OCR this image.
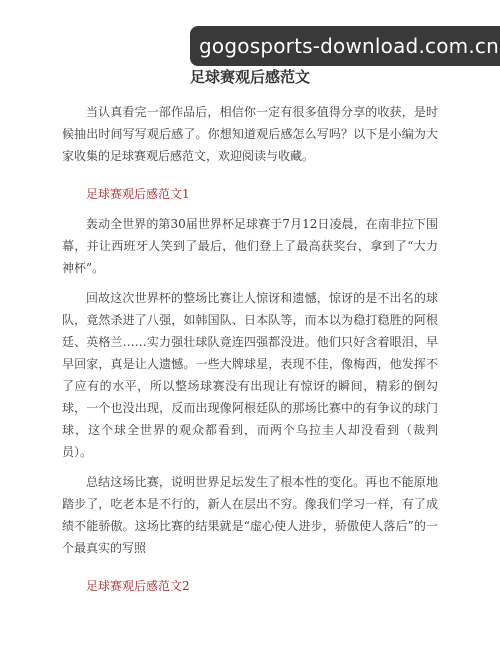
gogosports-download.com.cn
足球赛观后感范文

当认真看完一部作品后，相信你一定有很多值得分享的收获，是时候抽出时间写写观后感了。你想知道观后感怎么写吗？以下是小编为大家收集的足球赛观后感范文，欢迎阅读与收藏。

足球赛观后感范文1

轰动全世界的第30届世界杯足球赛于7月12日凌晨，在南非拉下围幕，并让西班牙人笑到了最后，他们登上了最高获奖台，拿到了“大力神杯”。

回故这次世界杯的整场比赛让人惊讶和遗憾，惊讶的是不出名的球队，竟然杀进了八强，如韩国队、日本队等，而本以为稳打稳胜的阿根廷、英格兰……实力强壮球队竟连四强都没进。他们只好含着眼泪，早早回家，真是让人遗憾。一些大牌球星，表现不佳，像梅西，他发挥不了应有的水平，所以整场球赛没有出现让有惊讶的瞬间，精彩的倒勾球，一个也没出现，反而出现像阿根廷队的那场比赛中的有争议的球门球，这个球全世界的观众都看到，而两个乌拉圭人却没看到（裁判员）。

总结这场比赛，说明世界足坛发生了根本性的变化。再也不能原地踏步了，吃老本是不行的，新人在层出不穷。像我们学习一样，有了成绩不能骄傲。这场比赛的结果就是“虚心使人进步，骄傲使人落后”的一个最真实的写照

足球赛观后感范文2
